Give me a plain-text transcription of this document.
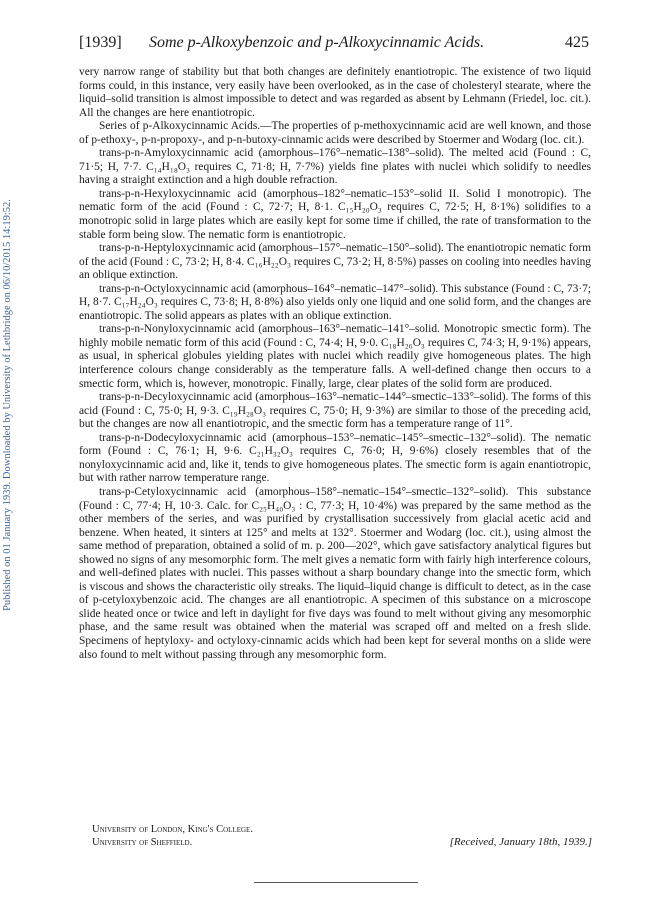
[1939] Some p-Alkoxybenzoic and p-Alkoxycinnamic Acids.	425
Published on 01 January 1939. Downloaded by University of Lethbridge on 06/10/2015 14:19:52.

very narrow range of stability but that both changes are definitely enantiotropic. The existence of two liquid forms could, in this instance, very easily have been overlooked, as in the case of cholesteryl stearate, where the liquid–solid transition is almost impossible to detect and was regarded as absent by Lehmann (Friedel, loc. cit.). All the changes are here enantiotropic.

Series of p-Alkoxycinnamic Acids.—The properties of p-methoxycinnamic acid are well known, and those of p-ethoxy-, p-n-propoxy-, and p-n-butoxy-cinnamic acids were described by Stoermer and Wodarg (loc. cit.).

trans-p-n-Amyloxycinnamic acid (amorphous–176°–nematic–138°–solid). The melted acid (Found : C, 71·5; H, 7·7. C₁₄H₁₈O₃ requires C, 71·8; H, 7·7%) yields fine plates with nuclei which solidify to needles having a straight extinction and a high double refraction.

trans-p-n-Hexyloxycinnamic acid (amorphous–182°–nematic–153°–solid II. Solid I monotropic). The nematic form of the acid (Found : C, 72·7; H, 8·1. C₁₅H₂₀O₃ requires C, 72·5; H, 8·1%) solidifies to a monotropic solid in large plates which are easily kept for some time if chilled, the rate of transformation to the stable form being slow. The nematic form is enantiotropic.

trans-p-n-Heptyloxycinnamic acid (amorphous–157°–nematic–150°–solid). The enantiotropic nematic form of the acid (Found : C, 73·2; H, 8·4. C₁₆H₂₂O₃ requires C, 73·2; H, 8·5%) passes on cooling into needles having an oblique extinction.

trans-p-n-Octyloxycinnamic acid (amorphous–164°–nematic–147°–solid). This substance (Found : C, 73·7; H, 8·7. C₁₇H₂₄O₃ requires C, 73·8; H, 8·8%) also yields only one liquid and one solid form, and the changes are enantiotropic. The solid appears as plates with an oblique extinction.

trans-p-n-Nonyloxycinnamic acid (amorphous–163°–nematic–141°–solid. Monotropic smectic form). The highly mobile nematic form of this acid (Found : C, 74·4; H, 9·0. C₁₈H₂₆O₃ requires C, 74·3; H, 9·1%) appears, as usual, in spherical globules yielding plates with nuclei which readily give homogeneous plates. The high interference colours change considerably as the temperature falls. A well-defined change then occurs to a smectic form, which is, however, monotropic. Finally, large, clear plates of the solid form are produced.

trans-p-n-Decyloxycinnamic acid (amorphous–163°–nematic–144°–smectic–133°–solid). The forms of this acid (Found : C, 75·0; H, 9·3. C₁₉H₂₈O₃ requires C, 75·0; H, 9·3%) are similar to those of the preceding acid, but the changes are now all enantiotropic, and the smectic form has a temperature range of 11°.

trans-p-n-Dodecyloxycinnamic acid (amorphous–153°–nematic–145°–smectic–132°–solid). The nematic form (Found : C, 76·1; H, 9·6. C₂₁H₃₂O₃ requires C, 76·0; H, 9·6%) closely resembles that of the nonyloxycinnamic acid and, like it, tends to give homogeneous plates. The smectic form is again enantiotropic, but with rather narrow temperature range.

trans-p-Cetyloxycinnamic acid (amorphous–158°–nematic–154°–smectic–132°–solid). This substance (Found : C, 77·4; H, 10·3. Calc. for C₂₅H₄₀O₃ : C, 77·3; H, 10·4%) was prepared by the same method as the other members of the series, and was purified by crystallisation successively from glacial acetic acid and benzene. When heated, it sinters at 125° and melts at 132°. Stoermer and Wodarg (loc. cit.), using almost the same method of preparation, obtained a solid of m. p. 200—202°, which gave satisfactory analytical figures but showed no signs of any mesomorphic form. The melt gives a nematic form with fairly high interference colours, and well-defined plates with nuclei. This passes without a sharp boundary change into the smectic form, which is viscous and shows the characteristic oily streaks. The liquid–liquid change is difficult to detect, as in the case of p-cetyloxybenzoic acid. The changes are all enantiotropic. A specimen of this substance on a microscope slide heated once or twice and left in daylight for five days was found to melt without giving any mesomorphic phase, and the same result was obtained when the material was scraped off and melted on a fresh slide. Specimens of heptyloxy- and octyloxy-cinnamic acids which had been kept for several months on a slide were also found to melt without passing through any mesomorphic form.

University of London, King's College.
University of Sheffield.	[Received, January 18th, 1939.]
